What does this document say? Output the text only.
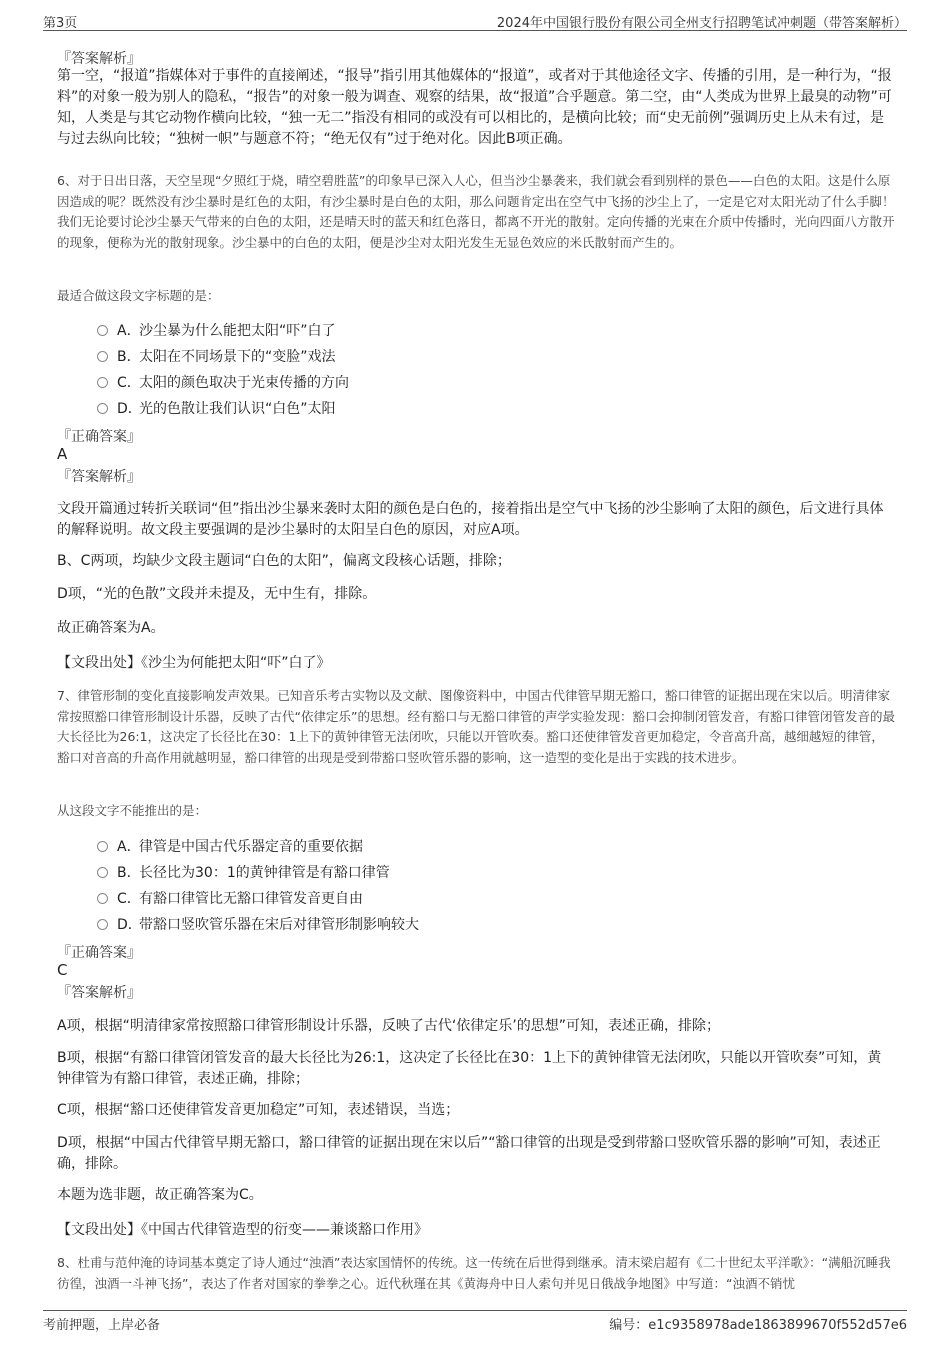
第3页	2024年中国银行股份有限公司全州支行招聘笔试冲刺题（带答案解析）
『答案解析』

第一空，“报道”指媒体对于事件的直接阐述，“报导”指引用其他媒体的“报道”，或者对于其他途径文字、传播的引用，是一种行为，“报料”的对象一般为别人的隐私，“报告”的对象一般为调查、观察的结果，故“报道”合乎题意。第二空，由“人类成为世界上最臭的动物”可知，人类是与其它动物作横向比较，“独一无二”指没有相同的或没有可以相比的，是横向比较；而“史无前例”强调历史上从未有过，是与过去纵向比较；“独树一帜”与题意不符；“绝无仅有”过于绝对化。因此B项正确。

6、对于日出日落，天空呈现“夕照红于烧，晴空碧胜蓝”的印象早已深入人心，但当沙尘暴袭来，我们就会看到别样的景色——白色的太阳。这是什么原因造成的呢？既然没有沙尘暴时是红色的太阳，有沙尘暴时是白色的太阳，那么问题肯定出在空气中飞扬的沙尘上了，一定是它对太阳光动了什么手脚！我们无论要讨论沙尘暴天气带来的白色的太阳，还是晴天时的蓝天和红色落日，都离不开光的散射。定向传播的光束在介质中传播时，光向四面八方散开的现象，便称为光的散射现象。沙尘暴中的白色的太阳，便是沙尘对太阳光发生无显色效应的米氏散射而产生的。

最适合做这段文字标题的是：
A．沙尘暴为什么能把太阳“吓”白了
B．太阳在不同场景下的“变脸”戏法
C．太阳的颜色取决于光束传播的方向
D．光的色散让我们认识“白色”太阳
『正确答案』
A
『答案解析』

文段开篇通过转折关联词“但”指出沙尘暴来袭时太阳的颜色是白色的，接着指出是空气中飞扬的沙尘影响了太阳的颜色，后文进行具体的解释说明。故文段主要强调的是沙尘暴时的太阳呈白色的原因，对应A项。

B、C两项，均缺少文段主题词“白色的太阳”，偏离文段核心话题，排除；

D项，“光的色散”文段并未提及，无中生有，排除。

故正确答案为A。

【文段出处】《沙尘为何能把太阳“吓”白了》

7、律管形制的变化直接影响发声效果。已知音乐考古实物以及文献、图像资料中，中国古代律管早期无豁口，豁口律管的证据出现在宋以后。明清律家常按照豁口律管形制设计乐器，反映了古代“依律定乐”的思想。经有豁口与无豁口律管的声学实验发现：豁口会抑制闭管发音，有豁口律管闭管发音的最大长径比为26:1，这决定了长径比在30：1上下的黄钟律管无法闭吹，只能以开管吹奏。豁口还使律管发音更加稳定，令音高升高，越细越短的律管，豁口对音高的升高作用就越明显，豁口律管的出现是受到带豁口竖吹管乐器的影响，这一造型的变化是出于实践的技术进步。

从这段文字不能推出的是：
A．律管是中国古代乐器定音的重要依据
B．长径比为30：1的黄钟律管是有豁口律管
C．有豁口律管比无豁口律管发音更自由
D．带豁口竖吹管乐器在宋后对律管形制影响较大
『正确答案』
C
『答案解析』

A项，根据“明清律家常按照豁口律管形制设计乐器，反映了古代‘依律定乐’的思想”可知，表述正确，排除；

B项，根据“有豁口律管闭管发音的最大长径比为26:1，这决定了长径比在30：1上下的黄钟律管无法闭吹，只能以开管吹奏”可知，黄钟律管为有豁口律管，表述正确，排除；

C项，根据“豁口还使律管发音更加稳定”可知，表述错误，当选；

D项，根据“中国古代律管早期无豁口，豁口律管的证据出现在宋以后”“豁口律管的出现是受到带豁口竖吹管乐器的影响”可知，表述正确，排除。

本题为选非题，故正确答案为C。

【文段出处】《中国古代律管造型的衍变——兼谈豁口作用》

8、杜甫与范仲淹的诗词基本奠定了诗人通过“浊酒”表达家国情怀的传统。这一传统在后世得到继承。清末梁启超有《二十世纪太平洋歌》：“满船沉睡我彷徨，浊酒一斗神飞扬”，表达了作者对国家的拳拳之心。近代秋瑾在其《黄海舟中日人索句并见日俄战争地图》中写道：“浊酒不销忧

考前押题，上岸必备	编号：e1c9358978ade1863899670f552d57e6
